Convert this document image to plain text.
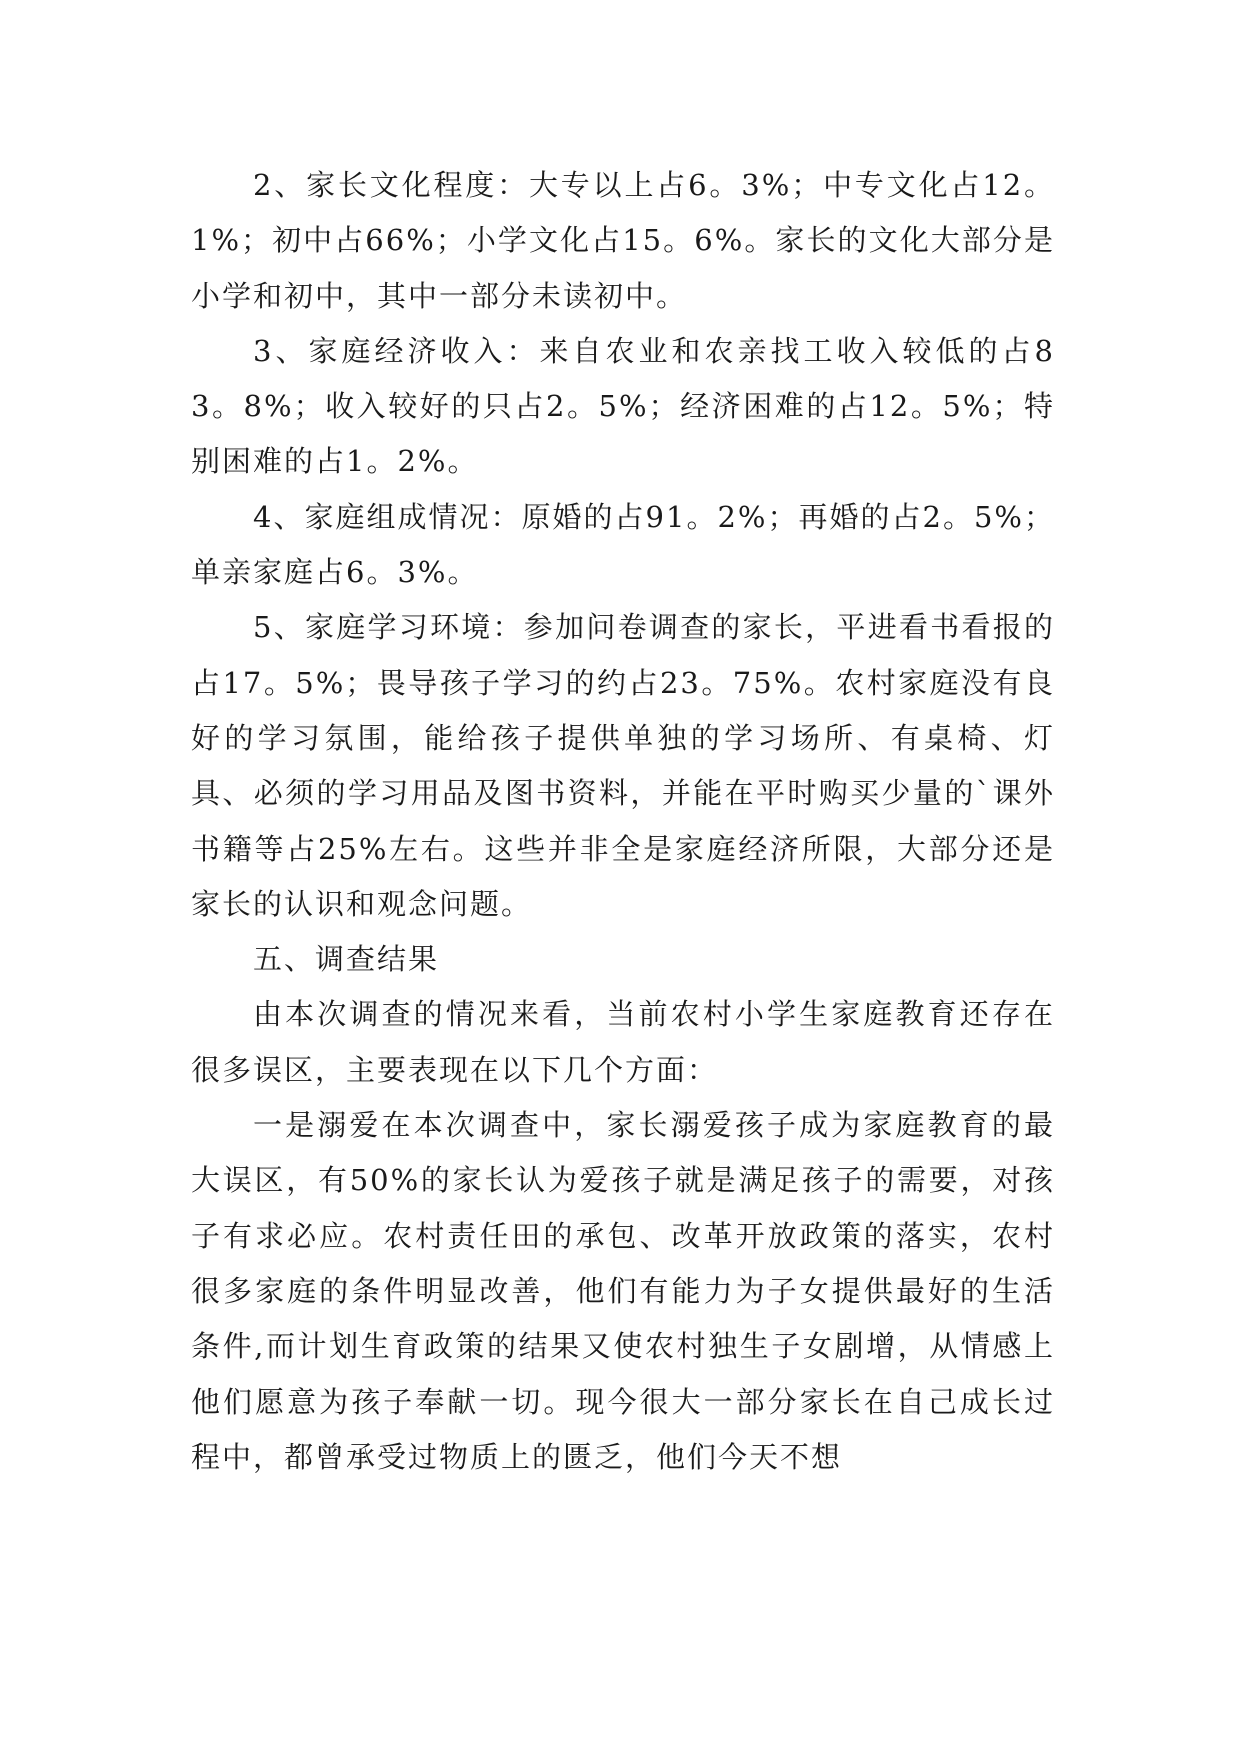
2、家长文化程度：大专以上占6。3%；中专文化占12。1%；初中占66%；小学文化占15。6%。家长的文化大部分是小学和初中，其中一部分未读初中。

3、家庭经济收入：来自农业和农亲找工收入较低的占83。8%；收入较好的只占2。5%；经济困难的占12。5%；特别困难的占1。2%。

4、家庭组成情况：原婚的占91。2%；再婚的占2。5%；单亲家庭占6。3%。

5、家庭学习环境：参加问卷调查的家长，平进看书看报的占17。5%；畏导孩子学习的约占23。75%。农村家庭没有良好的学习氛围，能给孩子提供单独的学习场所、有桌椅、灯具、必须的学习用品及图书资料，并能在平时购买少量的`课外书籍等占25%左右。这些并非全是家庭经济所限，大部分还是家长的认识和观念问题。

五、调查结果

由本次调查的情况来看，当前农村小学生家庭教育还存在很多误区，主要表现在以下几个方面：

一是溺爱在本次调查中，家长溺爱孩子成为家庭教育的最大误区，有50%的家长认为爱孩子就是满足孩子的需要，对孩子有求必应。农村责任田的承包、改革开放政策的落实，农村很多家庭的条件明显改善，他们有能力为子女提供最好的生活条件,而计划生育政策的结果又使农村独生子女剧增，从情感上他们愿意为孩子奉献一切。现今很大一部分家长在自己成长过程中，都曾承受过物质上的匮乏，他们今天不想
